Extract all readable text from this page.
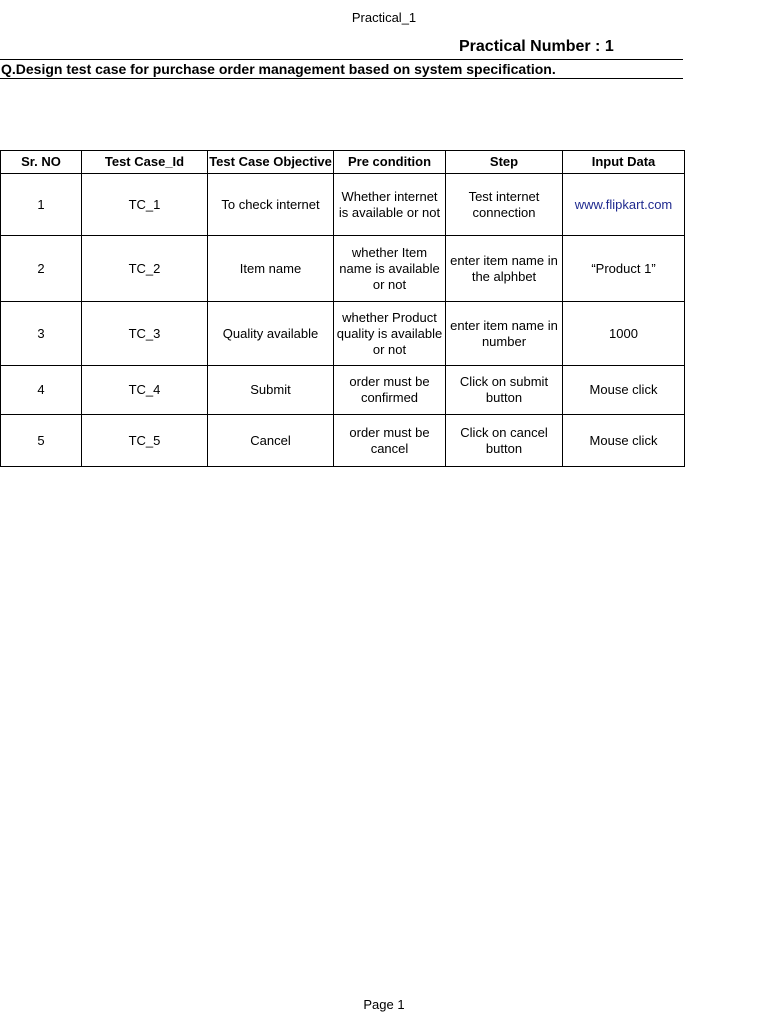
Practical_1
Practical Number : 1
Q.Design test case for purchase order management based on system specification.
Sr. NO	Test Case_Id	Test Case Objective	Pre condition	Step	Input Data
1	TC_1	To check internet	Whether internet is available or not	Test internet connection	www.flipkart.com
2	TC_2	Item name	whether Item name is available or not	enter item name in the alphbet	“Product 1”
3	TC_3	Quality available	whether Product quality is available or not	enter item name in number	1000
4	TC_4	Submit	order must be confirmed	Click on submit button	Mouse click
5	TC_5	Cancel	order must be cancel	Click on cancel button	Mouse click
Page 1
